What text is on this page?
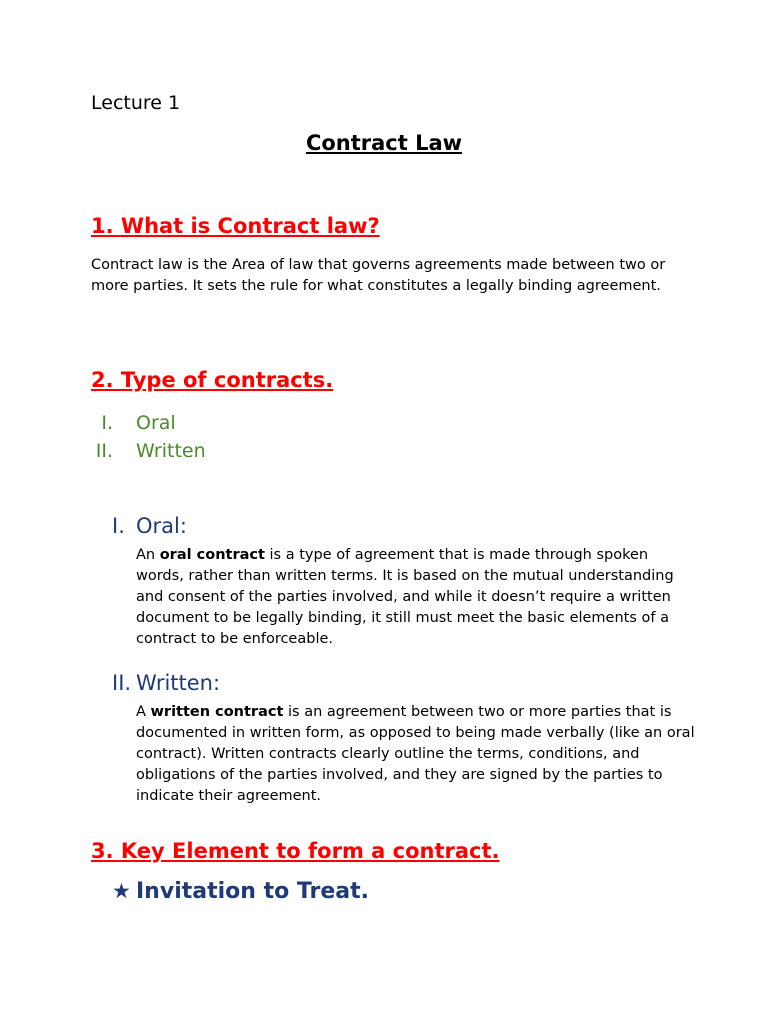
Lecture 1
Contract Law
1. What is Contract law?
Contract law is the Area of law that governs agreements made between two or more parties. It sets the rule for what constitutes a legally binding agreement.
2. Type of contracts.
I. Oral
II. Written
I. Oral:
An oral contract is a type of agreement that is made through spoken words, rather than written terms. It is based on the mutual understanding and consent of the parties involved, and while it doesn’t require a written document to be legally binding, it still must meet the basic elements of a contract to be enforceable.
II. Written:
A written contract is an agreement between two or more parties that is documented in written form, as opposed to being made verbally (like an oral contract). Written contracts clearly outline the terms, conditions, and obligations of the parties involved, and they are signed by the parties to indicate their agreement.
3. Key Element to form a contract.
★ Invitation to Treat.
